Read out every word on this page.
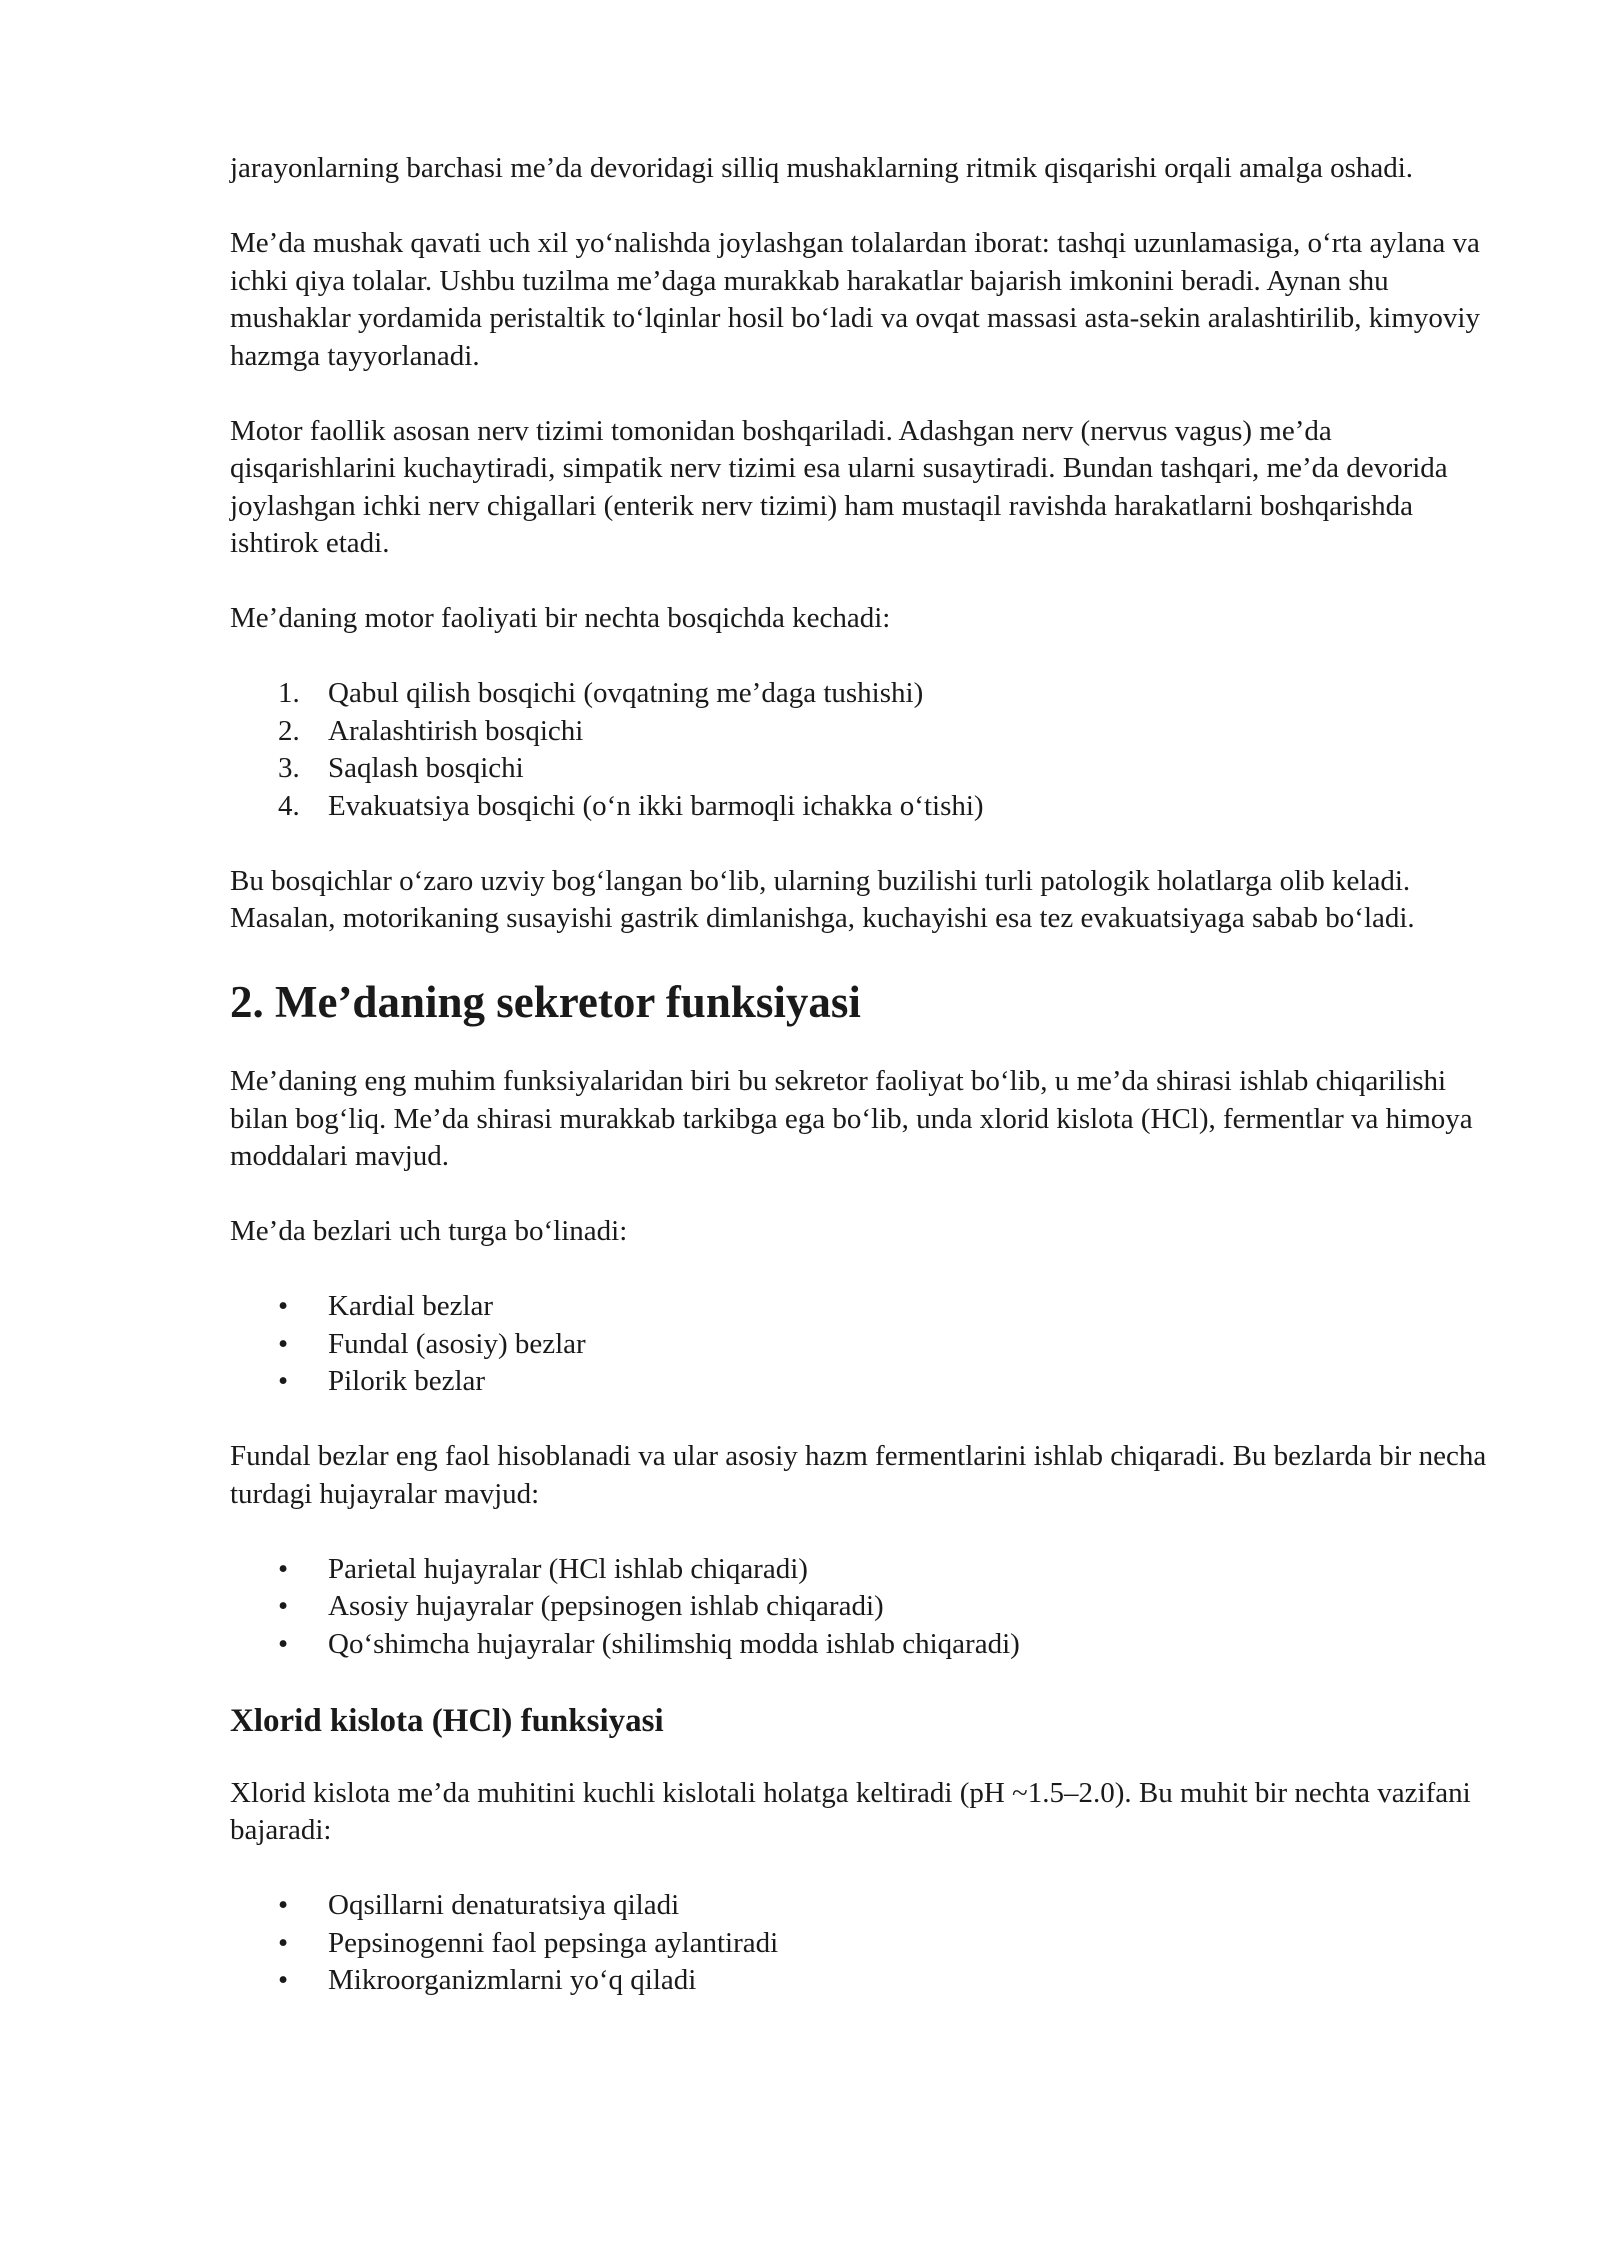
jarayonlarning barchasi me’da devoridagi silliq mushaklarning ritmik qisqarishi orqali amalga oshadi.

Me’da mushak qavati uch xil yo‘nalishda joylashgan tolalardan iborat: tashqi uzunlamasiga, o‘rta aylana va ichki qiya tolalar. Ushbu tuzilma me’daga murakkab harakatlar bajarish imkonini beradi. Aynan shu mushaklar yordamida peristaltik to‘lqinlar hosil bo‘ladi va ovqat massasi asta-sekin aralashtirilib, kimyoviy hazmga tayyorlanadi.

Motor faollik asosan nerv tizimi tomonidan boshqariladi. Adashgan nerv (nervus vagus) me’da qisqarishlarini kuchaytiradi, simpatik nerv tizimi esa ularni susaytiradi. Bundan tashqari, me’da devorida joylashgan ichki nerv chigallari (enterik nerv tizimi) ham mustaqil ravishda harakatlarni boshqarishda ishtirok etadi.

Me’daning motor faoliyati bir nechta bosqichda kechadi:

1. Qabul qilish bosqichi (ovqatning me’daga tushishi)
2. Aralashtirish bosqichi
3. Saqlash bosqichi
4. Evakuatsiya bosqichi (o‘n ikki barmoqli ichakka o‘tishi)

Bu bosqichlar o‘zaro uzviy bog‘langan bo‘lib, ularning buzilishi turli patologik holatlarga olib keladi. Masalan, motorikaning susayishi gastrik dimlanishga, kuchayishi esa tez evakuatsiyaga sabab bo‘ladi.

2. Me’daning sekretor funksiyasi

Me’daning eng muhim funksiyalaridan biri bu sekretor faoliyat bo‘lib, u me’da shirasi ishlab chiqarilishi bilan bog‘liq. Me’da shirasi murakkab tarkibga ega bo‘lib, unda xlorid kislota (HCl), fermentlar va himoya moddalari mavjud.

Me’da bezlari uch turga bo‘linadi:

• Kardial bezlar
• Fundal (asosiy) bezlar
• Pilorik bezlar

Fundal bezlar eng faol hisoblanadi va ular asosiy hazm fermentlarini ishlab chiqaradi. Bu bezlarda bir necha turdagi hujayralar mavjud:

• Parietal hujayralar (HCl ishlab chiqaradi)
• Asosiy hujayralar (pepsinogen ishlab chiqaradi)
• Qo‘shimcha hujayralar (shilimshiq modda ishlab chiqaradi)
Xlorid kislota (HCl) funksiyasi

Xlorid kislota me’da muhitini kuchli kislotali holatga keltiradi (pH ~1.5–2.0). Bu muhit bir nechta vazifani bajaradi:

• Oqsillarni denaturatsiya qiladi
• Pepsinogenni faol pepsinga aylantiradi
• Mikroorganizmlarni yo‘q qiladi
